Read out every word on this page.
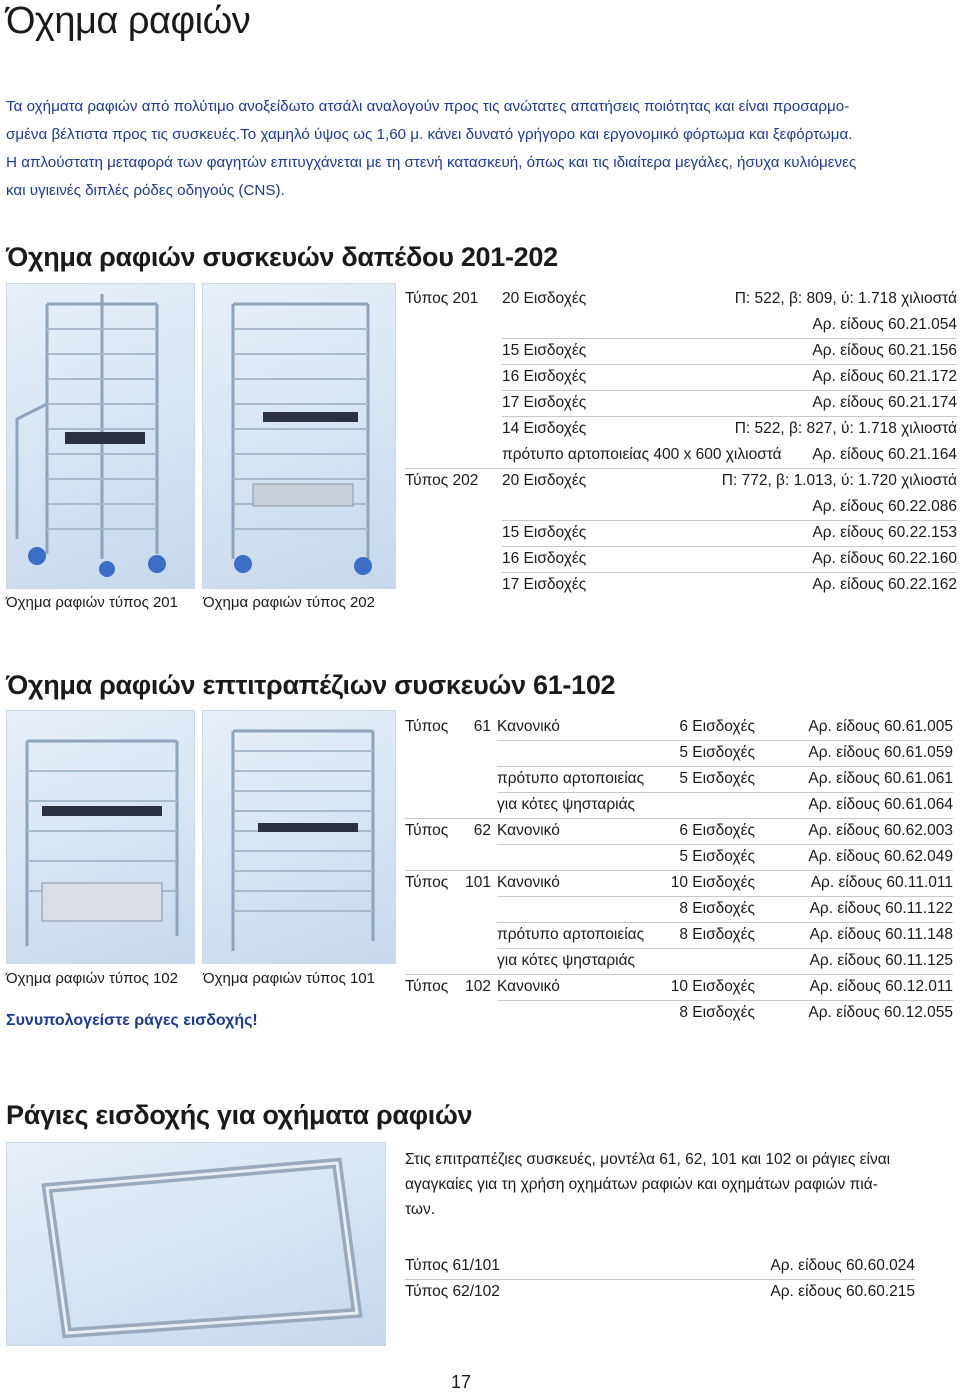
Όχημα ραφιών

Τα οχήματα ραφιών από πολύτιμο ανοξείδωτο ατσάλι αναλογούν προς τις ανώτατες απατήσεις ποιότητας και είναι προσαρμο-

σμένα βέλτιστα προς τις συσκευές.Το χαμηλό ύψος ως 1,60 μ. κάνει δυνατό γρήγορο και εργονομικό φόρτωμα και ξεφόρτωμα.

Η απλούστατη μεταφορά των φαγητών επιτυγχάνεται με τη στενή κατασκευή, όπως και τις ιδιαίτερα μεγάλες, ήσυχα κυλιόμενες

και υγιεινές διπλές ρόδες οδηγούς (CNS).

Όχημα ραφιών συσκευών δαπέδου 201-202
Όχημα ραφιών τύπος 201 Όχημα ραφιών τύπος 202
Τύπος 201 20 Εισδοχές	Π: 522, β: 809, ύ: 1.718 χιλιοστά
Αρ. είδους 60.21.054
15 Εισδοχές	Αρ. είδους 60.21.156
16 Εισδοχές	Αρ. είδους 60.21.172
17 Εισδοχές	Αρ. είδους 60.21.174
14 Εισδοχές	Π: 522, β: 827, ύ: 1.718 χιλιοστά
πρότυπο αρτοποιείας 400 x 600 χιλιοστά Αρ. είδους 60.21.164
Τύπος 202 20 Εισδοχές	Π: 772, β: 1.013, ύ: 1.720 χιλιοστά
Αρ. είδους 60.22.086
15 Εισδοχές	Αρ. είδους 60.22.153
16 Εισδοχές	Αρ. είδους 60.22.160
17 Εισδοχές	Αρ. είδους 60.22.162
Όχημα ραφιών επτιτραπέζιων συσκευών 61-102
Όχημα ραφιών τύπος 102 Όχημα ραφιών τύπος 101
Συνυπολογείστε ράγες εισδοχής!
Τύπος	61 Κανονικό	6 Εισδοχές	Αρ. είδους 60.61.005
5 Εισδοχές	Αρ. είδους 60.61.059
πρότυπο αρτοποιείας	5 Εισδοχές	Αρ. είδους 60.61.061
για κότες ψησταριάς	Αρ. είδους 60.61.064
Τύπος	62 Κανονικό	6 Εισδοχές	Αρ. είδους 60.62.003
5 Εισδοχές	Αρ. είδους 60.62.049
Τύπος	101 Κανονικό	10 Εισδοχές	Αρ. είδους 60.11.011
8 Εισδοχές	Αρ. είδους 60.11.122
πρότυπο αρτοποιείας	8 Εισδοχές	Αρ. είδους 60.11.148
για κότες ψησταριάς	Αρ. είδους 60.11.125
Τύπος	102 Κανονικό	10 Εισδοχές	Αρ. είδους 60.12.011
8 Εισδοχές	Αρ. είδους 60.12.055
Ράγιες εισδοχής για οχήματα ραφιών
Στις επιτραπέζιες συσκευές, μοντέλα 61, 62, 101 και 102 οι ράγιες είναι
αγαγκαίες για τη χρήση οχημάτων ραφιών και οχημάτων ραφιών πιά-
των.
Τύπος 61/101	Αρ. είδους 60.60.024
Τύπος 62/102	Αρ. είδους 60.60.215
17
